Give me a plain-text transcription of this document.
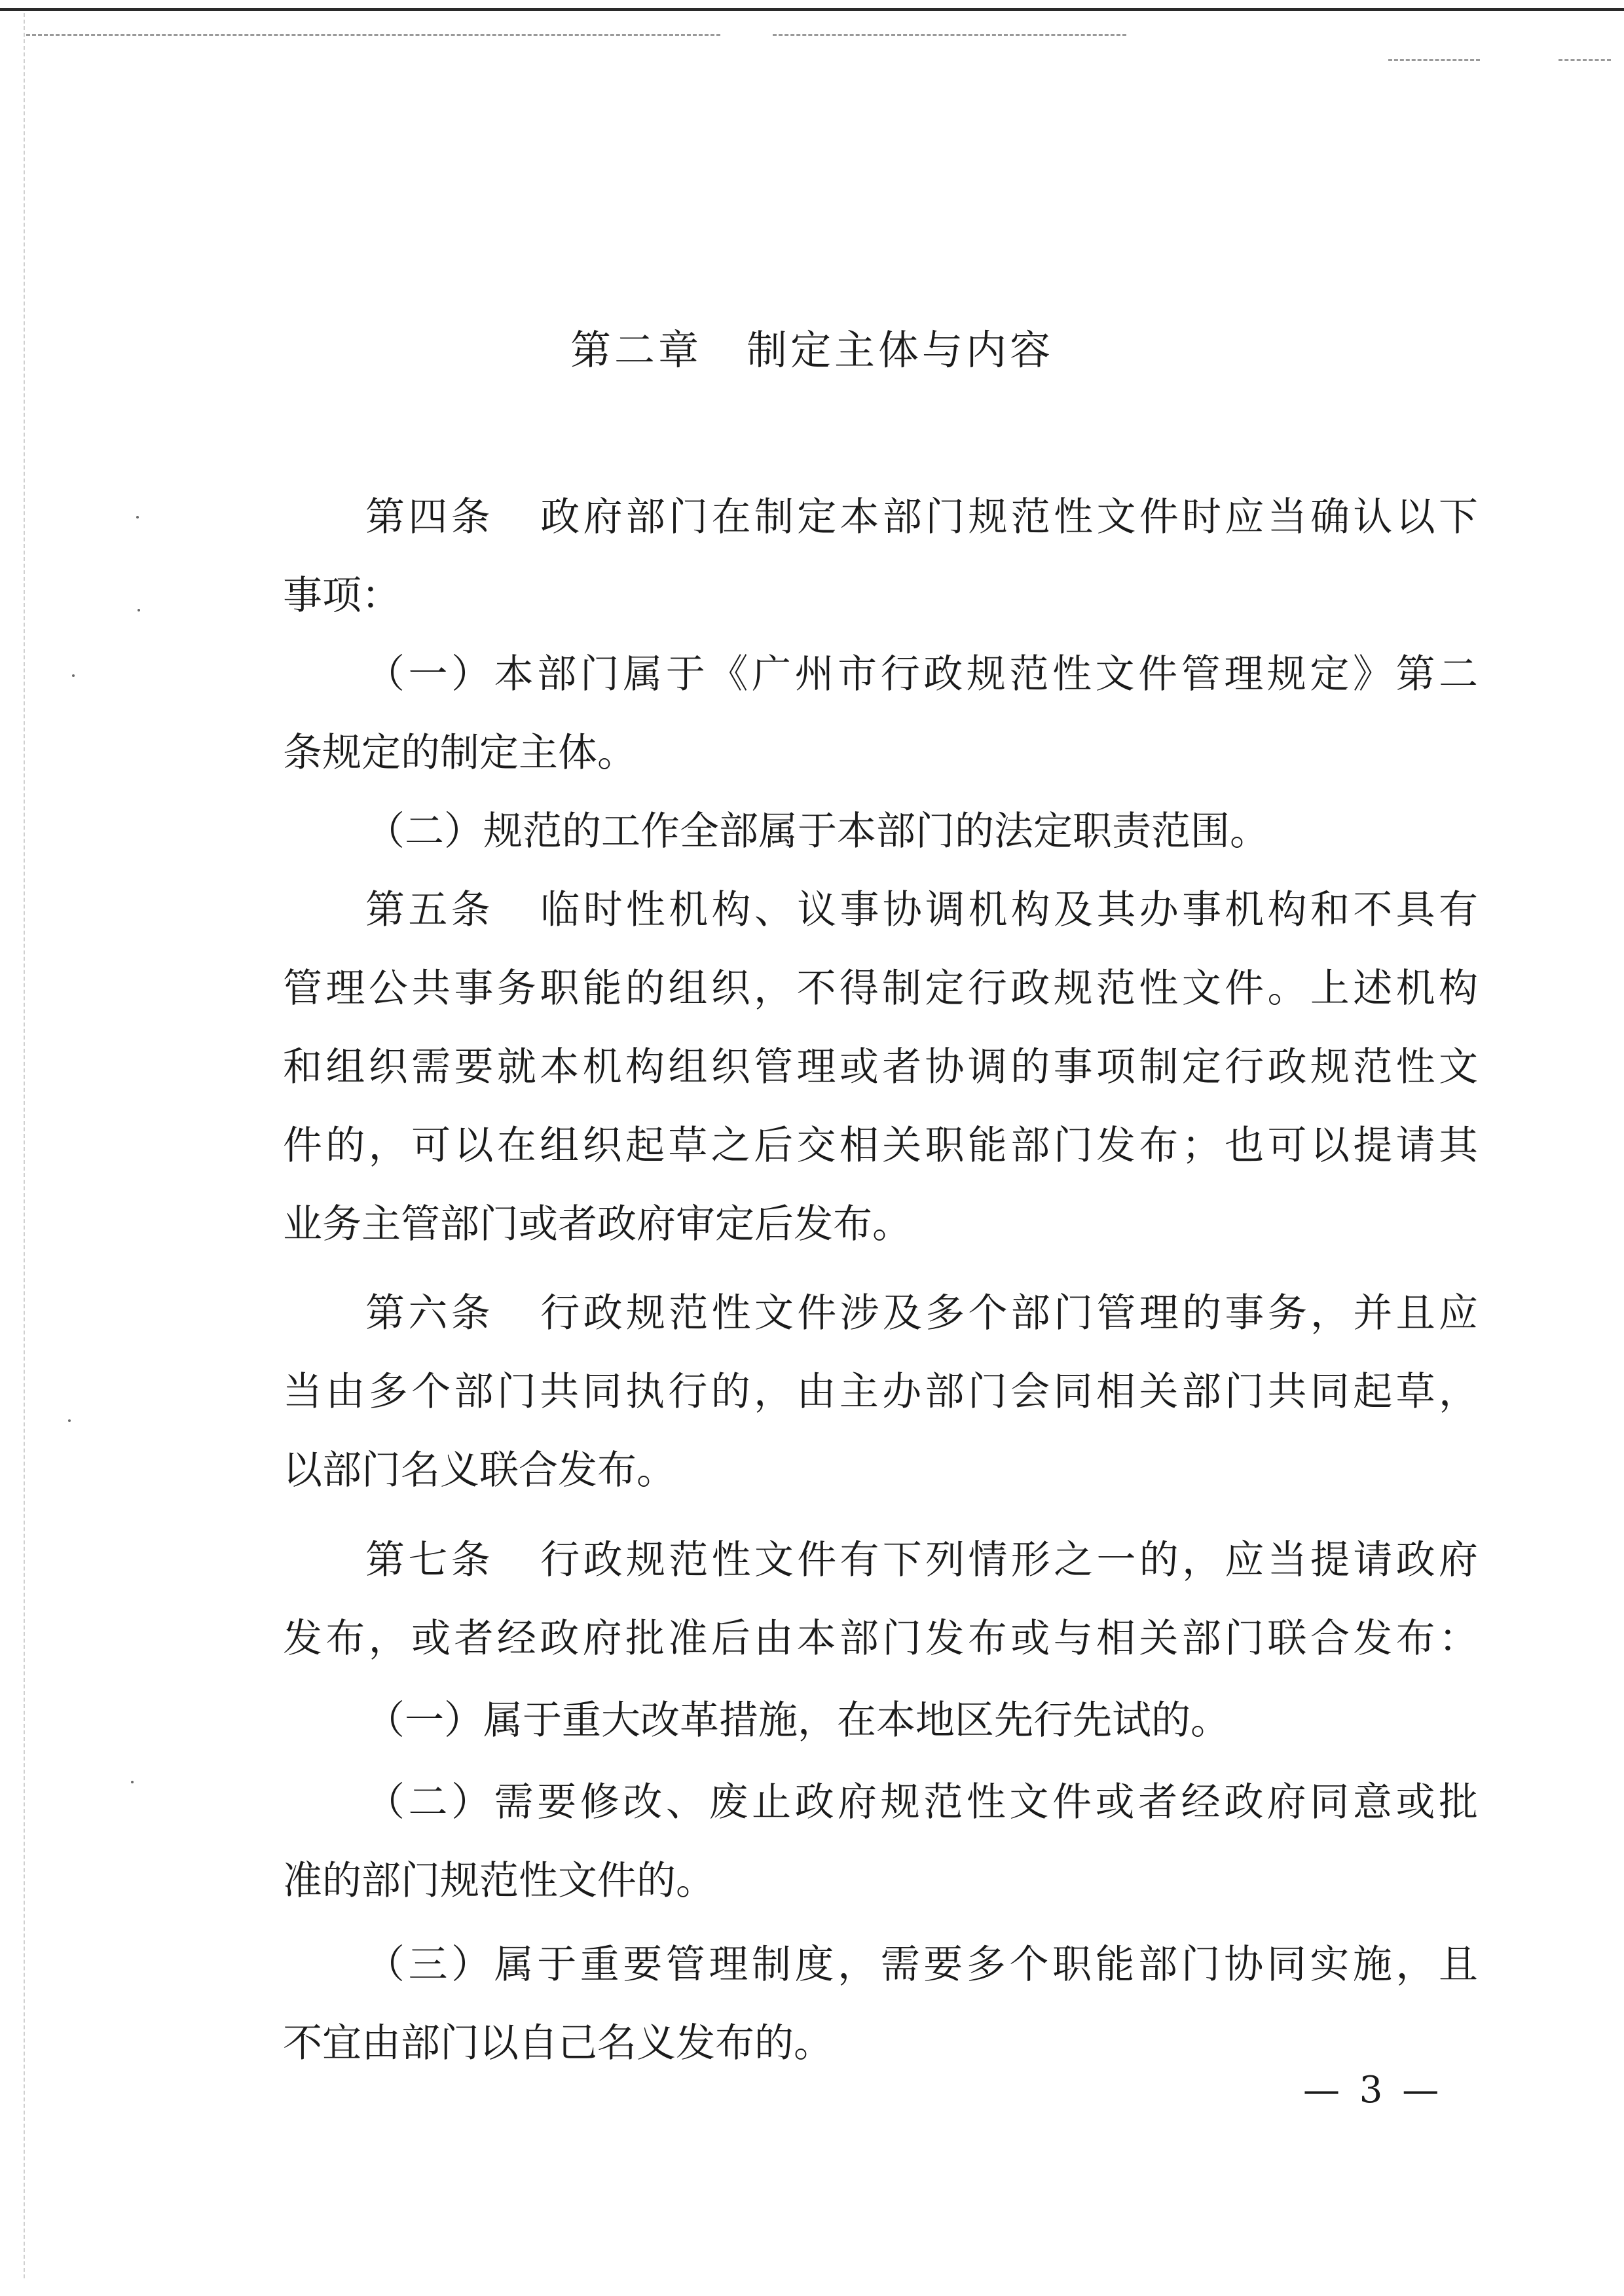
第二章 制定主体与内容
第四条 政府部门在制定本部门规范性文件时应当确认以下
事项：
（一）本部门属于《广州市行政规范性文件管理规定》第二
条规定的制定主体。
（二）规范的工作全部属于本部门的法定职责范围。
第五条 临时性机构、议事协调机构及其办事机构和不具有
管理公共事务职能的组织，不得制定行政规范性文件。上述机构
和组织需要就本机构组织管理或者协调的事项制定行政规范性文
件的，可以在组织起草之后交相关职能部门发布；也可以提请其
业务主管部门或者政府审定后发布。
第六条 行政规范性文件涉及多个部门管理的事务，并且应
当由多个部门共同执行的，由主办部门会同相关部门共同起草，
以部门名义联合发布。
第七条 行政规范性文件有下列情形之一的，应当提请政府
发布，或者经政府批准后由本部门发布或与相关部门联合发布：
（一）属于重大改革措施，在本地区先行先试的。
（二）需要修改、废止政府规范性文件或者经政府同意或批
准的部门规范性文件的。
（三）属于重要管理制度，需要多个职能部门协同实施，且
不宜由部门以自己名义发布的。
— 3 —
